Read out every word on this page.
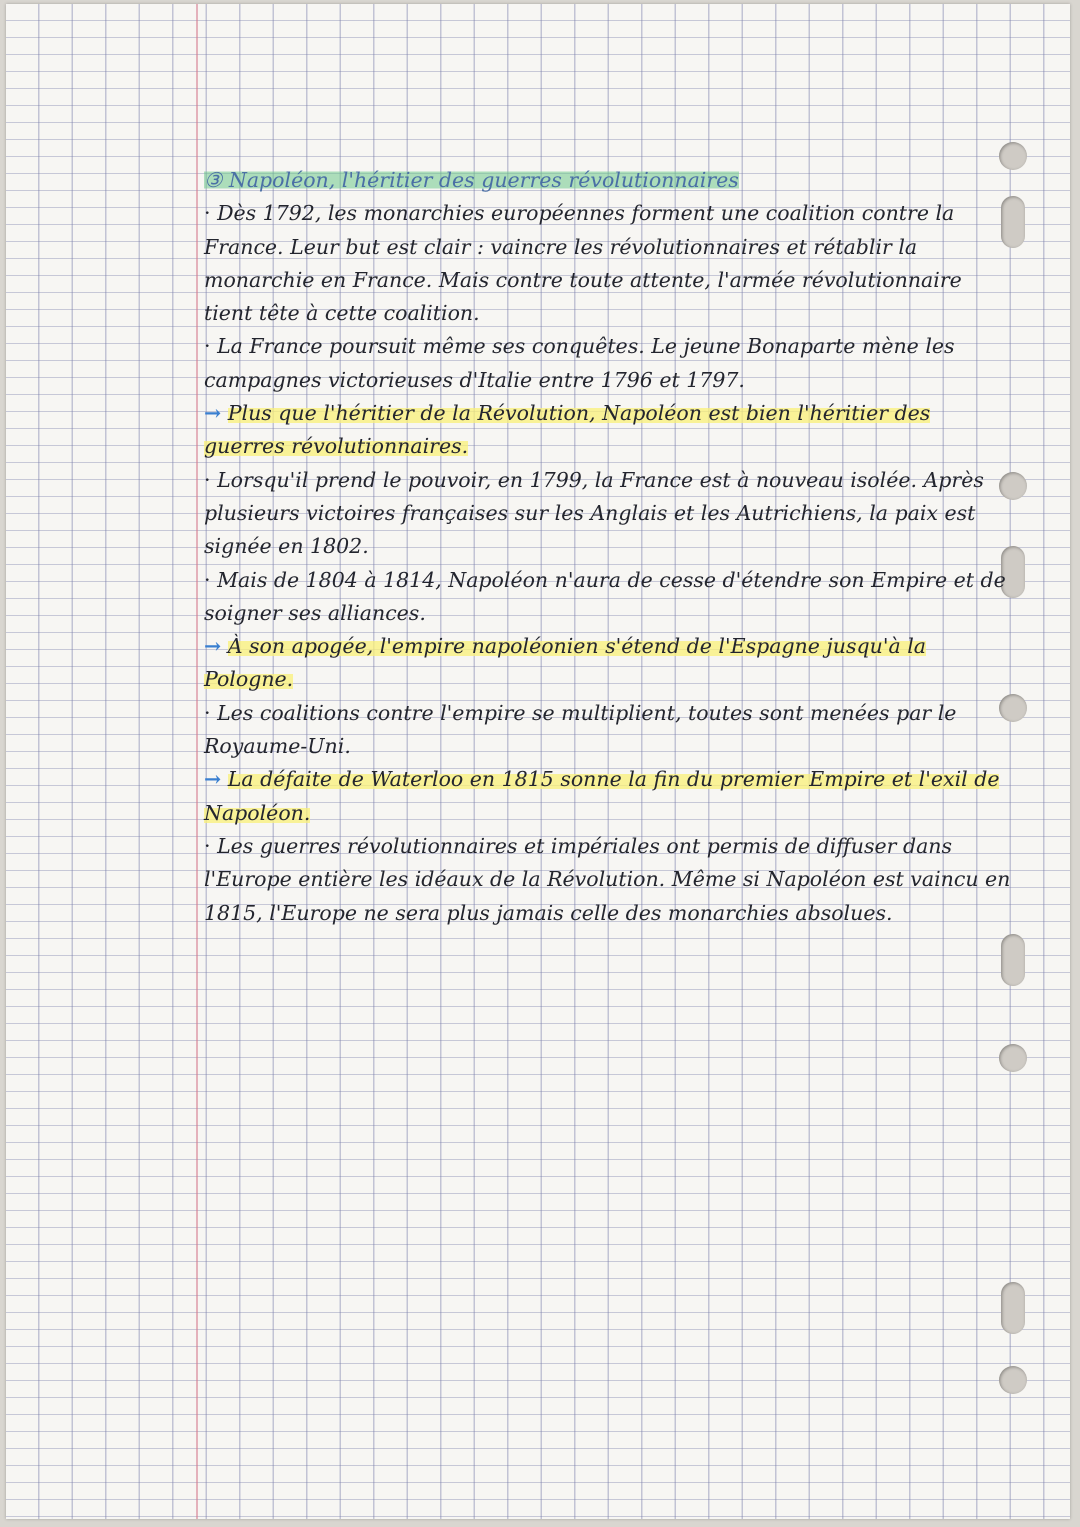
③ Napoléon, l'héritier des guerres révolutionnaires

· Dès 1792, les monarchies européennes forment une coalition contre la France. Leur but est clair : vaincre les révolutionnaires et rétablir la monarchie en France. Mais contre toute attente, l'armée révolutionnaire tient tête à cette coalition.

· La France poursuit même ses conquêtes. Le jeune Bonaparte mène les campagnes victorieuses d'Italie entre 1796 et 1797.

→ Plus que l'héritier de la Révolution, Napoléon est bien l'héritier des guerres révolutionnaires.

· Lorsqu'il prend le pouvoir, en 1799, la France est à nouveau isolée. Après plusieurs victoires françaises sur les Anglais et les Autrichiens, la paix est signée en 1802.

· Mais de 1804 à 1814, Napoléon n'aura de cesse d'étendre son Empire et de soigner ses alliances.

→ À son apogée, l'empire napoléonien s'étend de l'Espagne jusqu'à la Pologne.

· Les coalitions contre l'empire se multiplient, toutes sont menées par le Royaume-Uni.

→ La défaite de Waterloo en 1815 sonne la fin du premier Empire et l'exil de Napoléon.

· Les guerres révolutionnaires et impériales ont permis de diffuser dans l'Europe entière les idéaux de la Révolution. Même si Napoléon est vaincu en 1815, l'Europe ne sera plus jamais celle des monarchies absolues.
